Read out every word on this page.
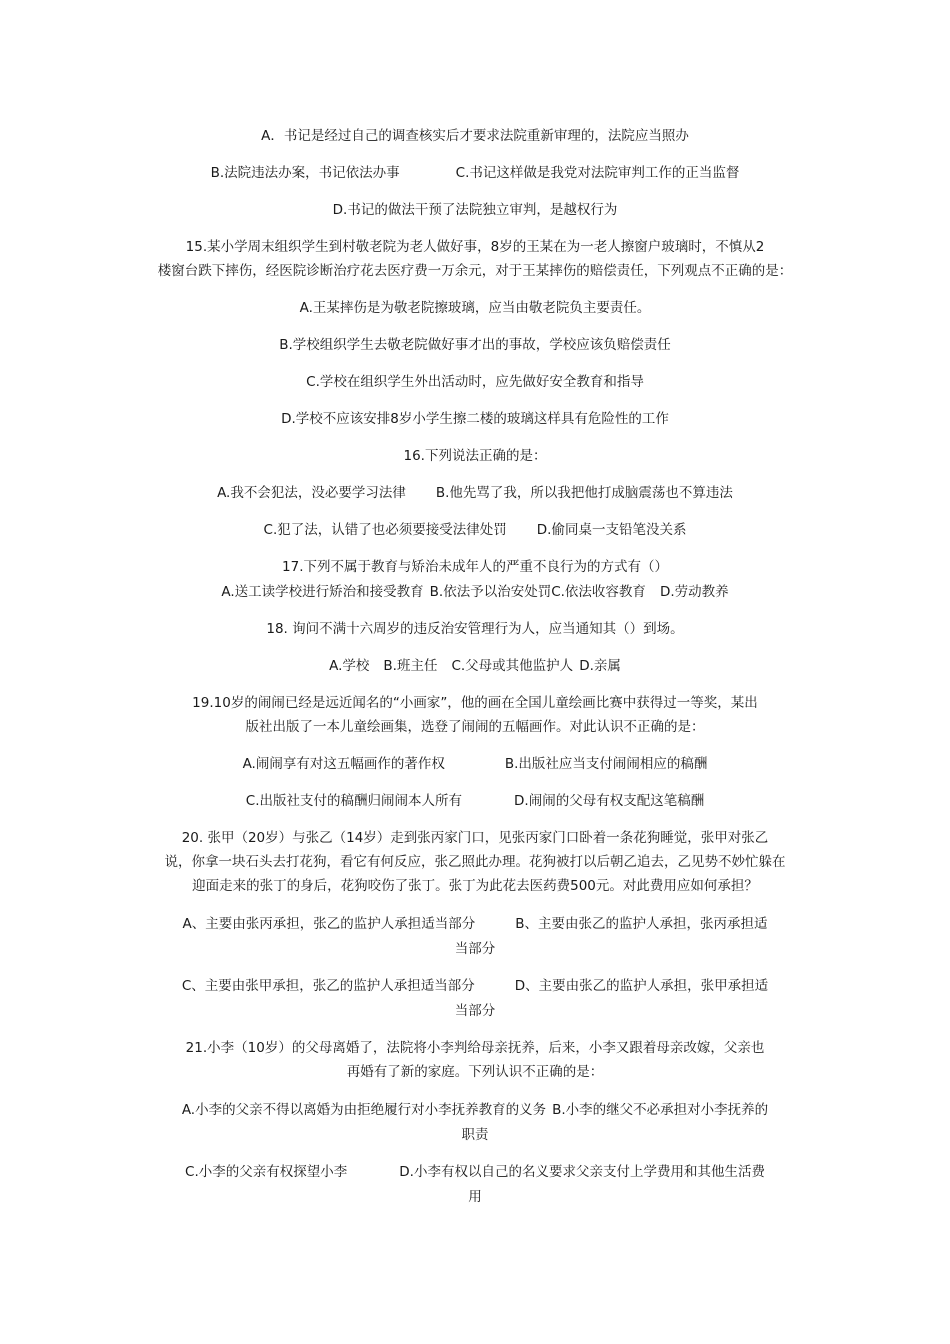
A．书记是经过自己的调查核实后才要求法院重新审理的，法院应当照办
B.法院违法办案，书记依法办事	C.书记这样做是我党对法院审判工作的正当监督
D.书记的做法干预了法院独立审判，是越权行为
15.某小学周末组织学生到村敬老院为老人做好事，8岁的王某在为一老人擦窗户玻璃时，不慎从2
楼窗台跌下摔伤，经医院诊断治疗花去医疗费一万余元，对于王某摔伤的赔偿责任，下列观点不正确的是：
A.王某摔伤是为敬老院擦玻璃，应当由敬老院负主要责任。
B.学校组织学生去敬老院做好事才出的事故，学校应该负赔偿责任
C.学校在组织学生外出活动时，应先做好安全教育和指导
D.学校不应该安排8岁小学生擦二楼的玻璃这样具有危险性的工作
16.下列说法正确的是：
A.我不会犯法，没必要学习法律 B.他先骂了我，所以我把他打成脑震荡也不算违法
C.犯了法，认错了也必须要接受法律处罚 D.偷同桌一支铅笔没关系
17.下列不属于教育与矫治未成年人的严重不良行为的方式有（）
A.送工读学校进行矫治和接受教育 B.依法予以治安处罚C.依法收容教育 D.劳动教养
18. 询问不满十六周岁的违反治安管理行为人，应当通知其（）到场。
A.学校 B.班主任 C.父母或其他监护人 D.亲属
19.10岁的闹闹已经是远近闻名的“小画家”，他的画在全国儿童绘画比赛中获得过一等奖，某出
版社出版了一本儿童绘画集，选登了闹闹的五幅画作。对此认识不正确的是：
A.闹闹享有对这五幅画作的著作权	B.出版社应当支付闹闹相应的稿酬
C.出版社支付的稿酬归闹闹本人所有	D.闹闹的父母有权支配这笔稿酬
20. 张甲（20岁）与张乙（14岁）走到张丙家门口，见张丙家门口卧着一条花狗睡觉，张甲对张乙
说，你拿一块石头去打花狗，看它有何反应，张乙照此办理。花狗被打以后朝乙追去，乙见势不妙忙躲在
迎面走来的张丁的身后，花狗咬伤了张丁。张丁为此花去医药费500元。对此费用应如何承担？
A、主要由张丙承担，张乙的监护人承担适当部分	B、主要由张乙的监护人承担，张丙承担适
当部分
C、主要由张甲承担，张乙的监护人承担适当部分	D、主要由张乙的监护人承担，张甲承担适
当部分
21.小李（10岁）的父母离婚了，法院将小李判给母亲抚养，后来，小李又跟着母亲改嫁，父亲也
再婚有了新的家庭。下列认识不正确的是：
A.小李的父亲不得以离婚为由拒绝履行对小李抚养教育的义务 B.小李的继父不必承担对小李抚养的
职责
C.小李的父亲有权探望小李	D.小李有权以自己的名义要求父亲支付上学费用和其他生活费
用
